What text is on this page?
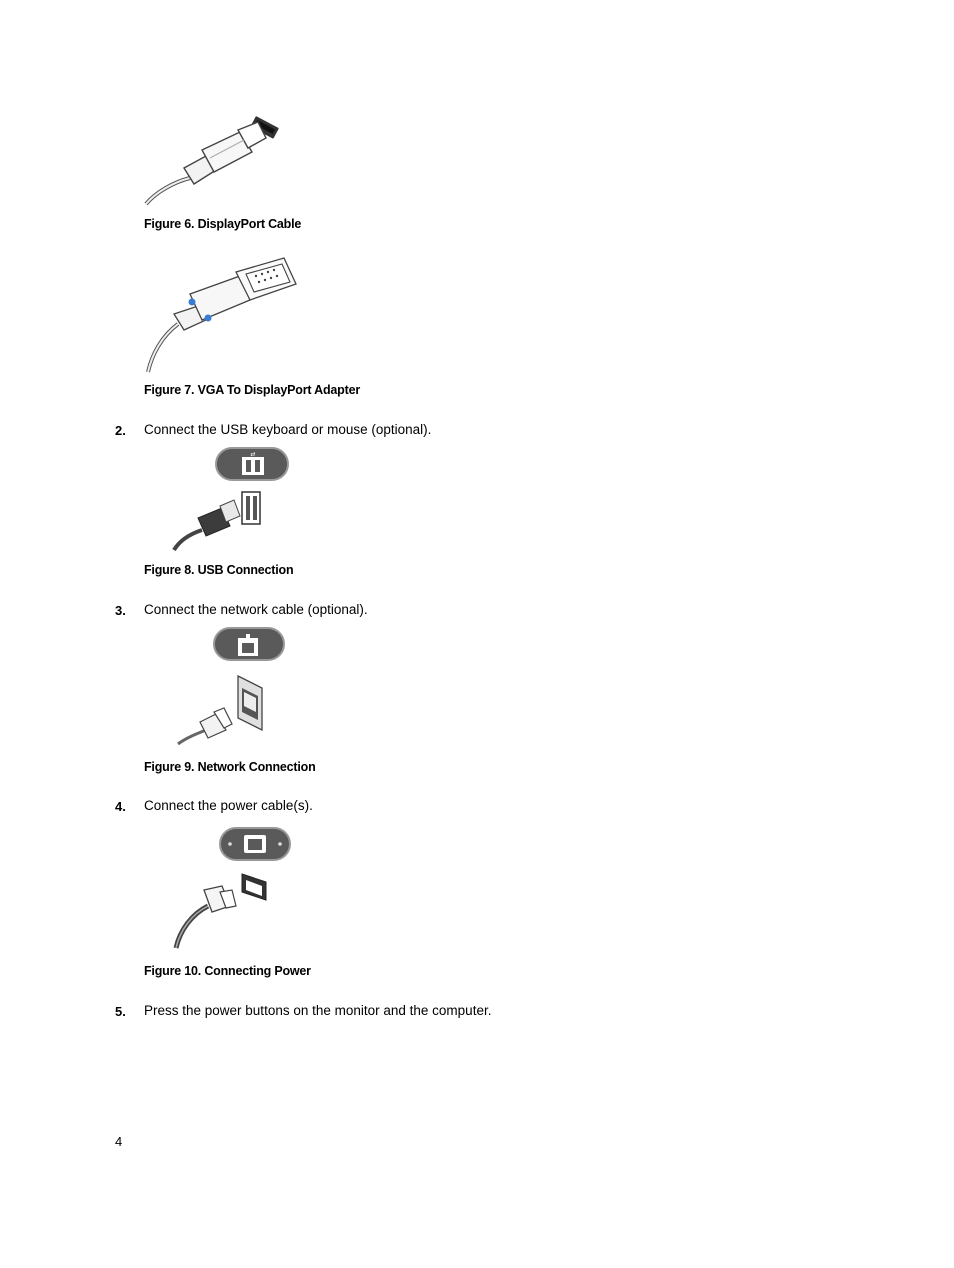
Figure 6. DisplayPort Cable
Figure 7. VGA To DisplayPort Adapter
2. Connect the USB keyboard or mouse (optional).
⇄
Figure 8. USB Connection
3. Connect the network cable (optional).
Figure 9. Network Connection
4. Connect the power cable(s).
Figure 10. Connecting Power
5. Press the power buttons on the monitor and the computer.
4
